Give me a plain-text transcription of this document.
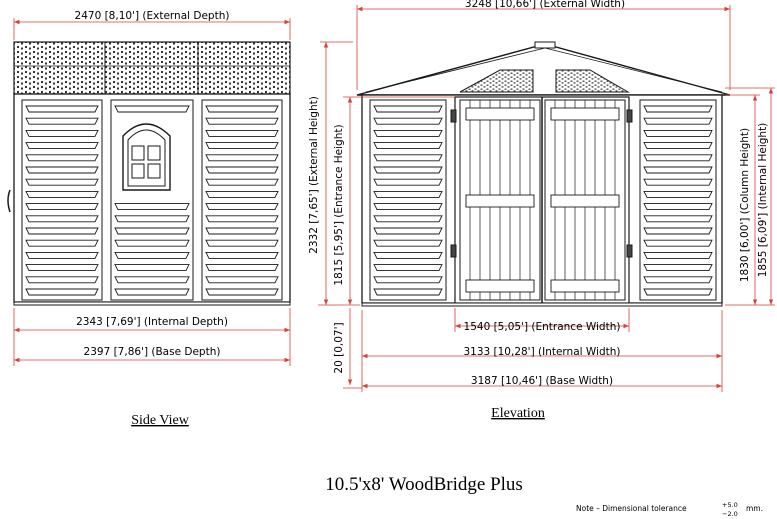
2470 [8,10'] (External Depth)
2343 [7,69'] (Internal Depth)
2397 [7,86'] (Base Depth)
Side View
3248 [10,66'] (External Width)
2332 [7,65'] (External Height) 1815 [5,95'] (Entrance Height)
20 [0,07']	1540 [5,05'] (Entrance Width)
3133 [10,28'] (Internal Width)
3187 [10,46'] (Base Width)
1830 [6,00'] (Column Height) 1855 [6,09'] (Internal Height)
Elevation
10.5'x8' WoodBridge Plus
Note – Dimensional tolerance	+5.0
−2.0
mm.
